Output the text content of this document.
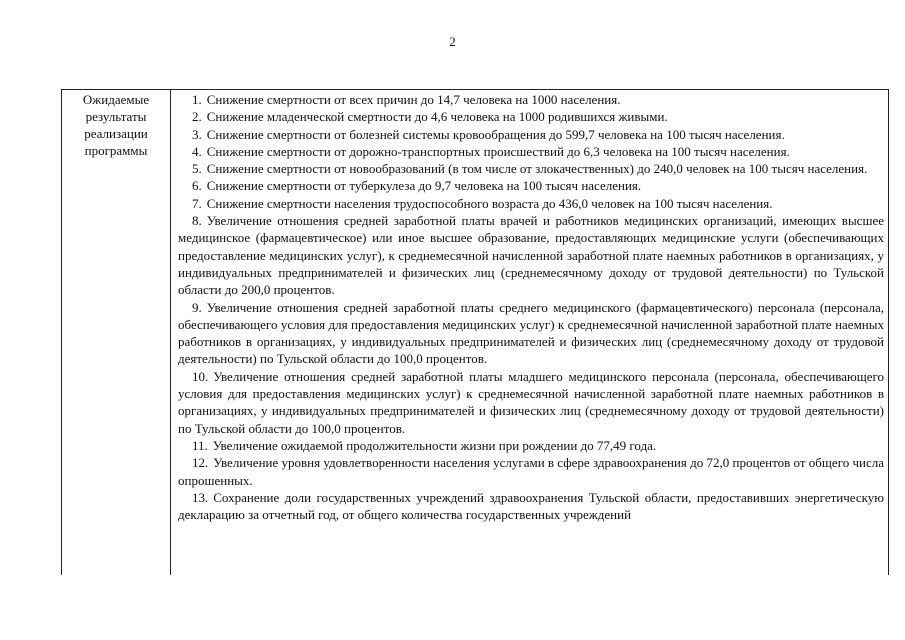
2
Ожидаемые
результаты
реализации
программы

1. Снижение смертности от всех причин до 14,7 человека на 1000 населения.

2. Снижение младенческой смертности до 4,6 человека на 1000 родившихся живыми.

3. Снижение смертности от болезней системы кровообращения до 599,7 человека на 100 тысяч населения.

4. Снижение смертности от дорожно-транспортных происшествий до 6,3 человека на 100 тысяч населения.

5. Снижение смертности от новообразований (в том числе от злокачественных) до 240,0 человек на 100 тысяч населения.

6. Снижение смертности от туберкулеза до 9,7 человека на 100 тысяч населения.

7. Снижение смертности населения трудоспособного возраста до 436,0 человек на 100 тысяч населения.

8. Увеличение отношения средней заработной платы врачей и работников медицинских организаций, имеющих высшее медицинское (фармацевтическое) или иное высшее образование, предоставляющих медицинские услуги (обеспечивающих предоставление медицинских услуг), к среднемесячной начисленной заработной плате наемных работников в организациях, у индивидуальных предпринимателей и физических лиц (среднемесячному доходу от трудовой деятельности) по Тульской области до 200,0 процентов.

9. Увеличение отношения средней заработной платы среднего медицинского (фармацевтического) персонала (персонала, обеспечивающего условия для предоставления медицинских услуг) к среднемесячной начисленной заработной плате наемных работников в организациях, у индивидуальных предпринимателей и физических лиц (среднемесячному доходу от трудовой деятельности) по Тульской области до 100,0 процентов.

10. Увеличение отношения средней заработной платы младшего медицинского персонала (персонала, обеспечивающего условия для предоставления медицинских услуг) к среднемесячной начисленной заработной плате наемных работников в организациях, у индивидуальных предпринимателей и физических лиц (среднемесячному доходу от трудовой деятельности) по Тульской области до 100,0 процентов.

11. Увеличение ожидаемой продолжительности жизни при рождении до 77,49 года.

12. Увеличение уровня удовлетворенности населения услугами в сфере здравоохранения до 72,0 процентов от общего числа опрошенных.

13. Сохранение доли государственных учреждений здравоохранения Тульской области, предоставивших энергетическую декларацию за отчетный год, от общего количества государственных учреждений
